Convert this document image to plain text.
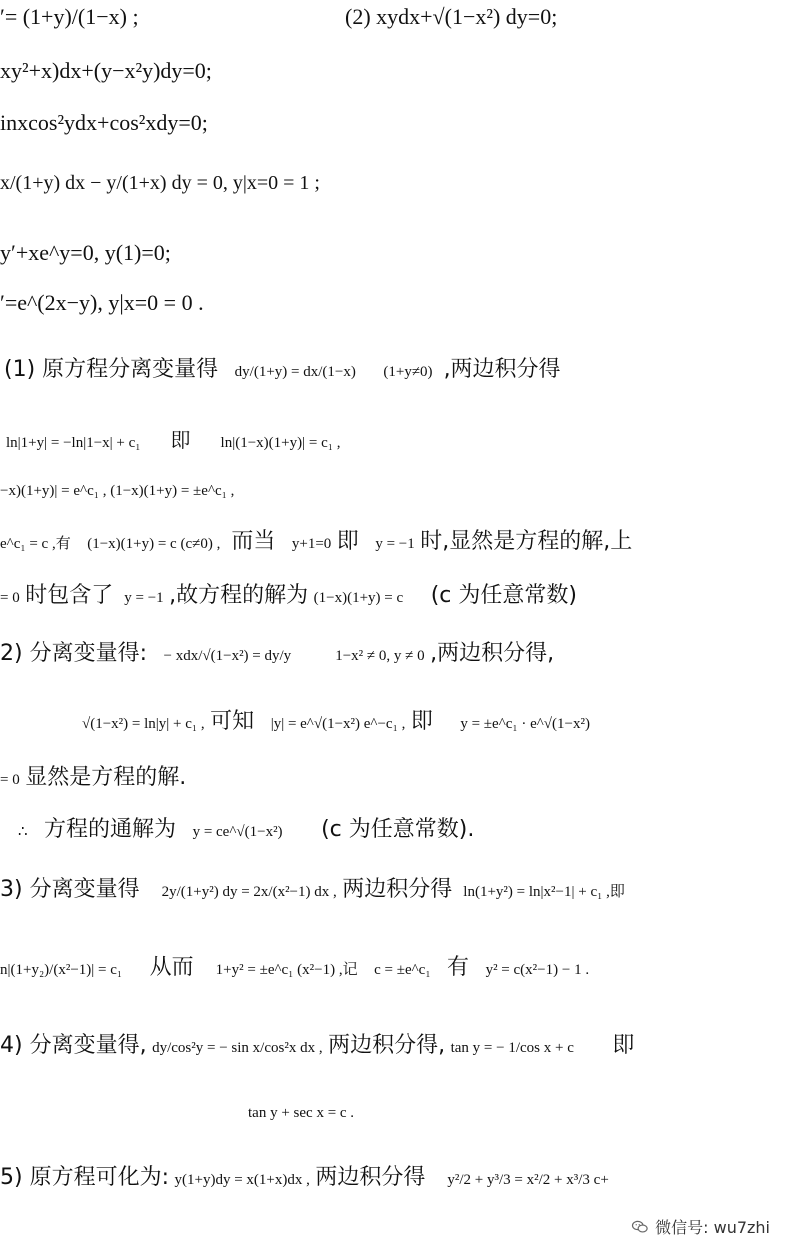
′= (1+y)/(1−x) ;	(2) xydx+√(1−x²) dy=0;
xy²+x)dx+(y−x²y)dy=0;
inxcos²ydx+cos²xdy=0;
x/(1+y) dx − y/(1+x) dy = 0, y|x=0 = 1 ;
y′+xe^y=0, y(1)=0;
′=e^(2x−y), y|x=0 = 0 .
(1) 原方程分离变量得 dy/(1+y) = dx/(1−x) (1+y≠0) ,两边积分得
ln|1+y| = −ln|1−x| + c₁ 即 ln|(1−x)(1+y)| = c₁ ,
−x)(1+y)| = e^c₁ , (1−x)(1+y) = ±e^c₁ ,
e^c₁ = c ,有 (1−x)(1+y) = c (c≠0) , 而当 y+1=0 即 y = −1 时,显然是方程的解,上
= 0 时包含了 y = −1 ,故方程的解为 (1−x)(1+y) = c (c 为任意常数)
2) 分离变量得: − xdx/√(1−x²) = dy/y	1−x² ≠ 0, y ≠ 0 ,两边积分得,
√(1−x²) = ln|y| + c₁ , 可知 |y| = e^√(1−x²) e^−c₁ , 即 y = ±e^c₁ · e^√(1−x²)
= 0 显然是方程的解.
∴ 方程的通解为 y = ce^√(1−x²) (c 为任意常数).
3) 分离变量得 2y/(1+y²) dy = 2x/(x²−1) dx , 两边积分得 ln(1+y²) = ln|x²−1| + c₁ ,即
n|(1+y₂)/(x²−1)| = c₁ 从而 1+y² = ±e^c₁ (x²−1) ,记 c = ±e^c₁ 有 y² = c(x²−1) − 1 .
4) 分离变量得, dy/cos²y = − sin x/cos²x dx , 两边积分得, tan y = − 1/cos x + c 即
tan y + sec x = c .
5) 原方程可化为: y(1+y)dy = x(1+x)dx , 两边积分得 y²/2 + y³/3 = x²/2 + x³/3 c+
微信号: wu7zhi
